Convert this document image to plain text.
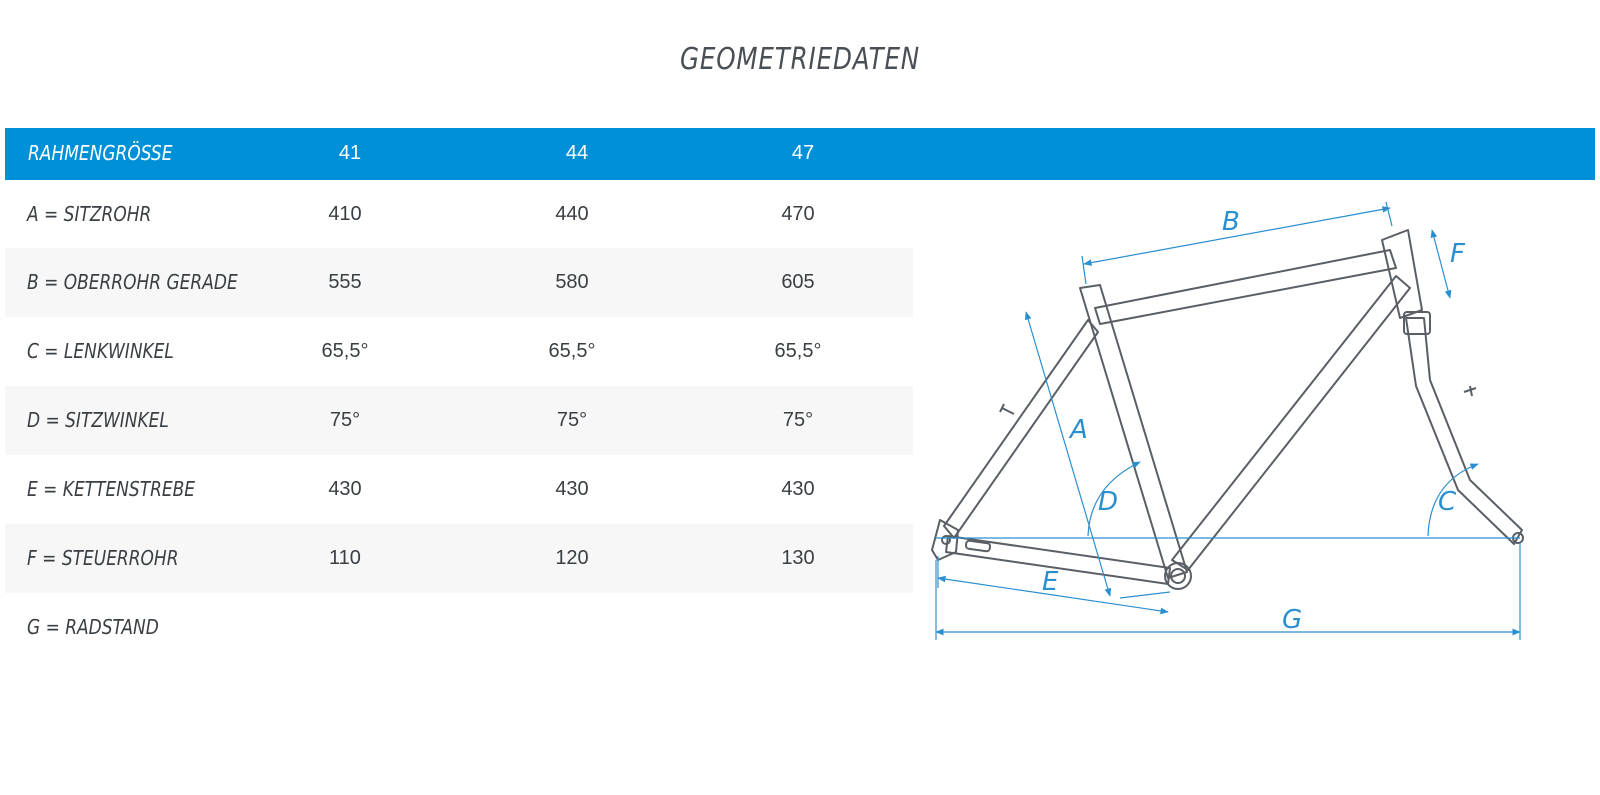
GEOMETRIEDATEN
RAHMENGRÖSSE	41	44	47
A = SITZROHR	410	440	470
B = OBERROHR GERADE	555	580	605
C = LENKWINKEL	65,5°	65,5°	65,5°
D = SITZWINKEL	75°	75°	75°
E = KETTENSTREBE	430	430	430
F = STEUERROHR	110	120	130
G = RADSTAND
B
F
A
D	C
E
G
